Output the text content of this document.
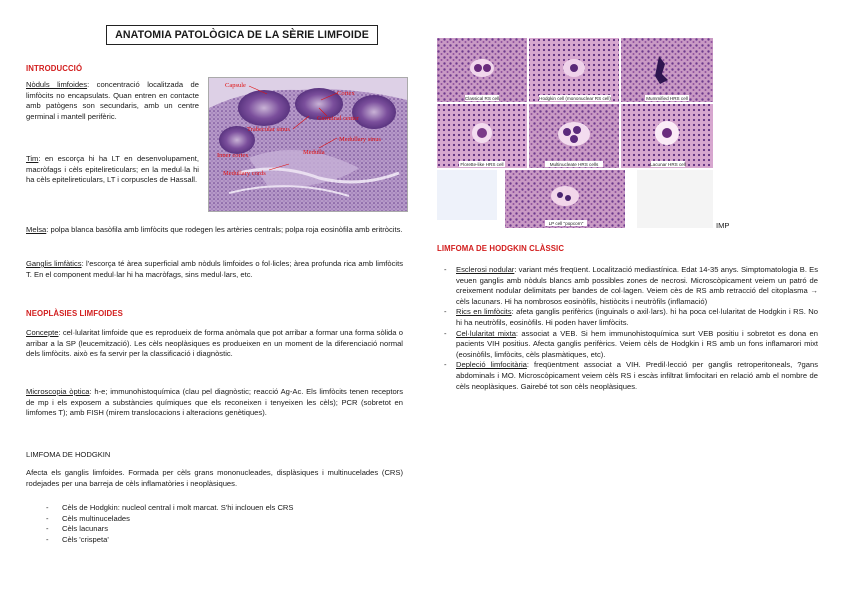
ANATOMIA PATOLÒGICA DE LA SÈRIE LIMFOIDE
INTRODUCCIÓ
Nòduls limfoides: concentració localitzada de limfòcits no encapsulats. Quan entren en contacte amb patògens son secundaris, amb un centre germinal i mantell perifèric.
Tim: en escorça hi ha LT en desenvolupament, macròfags i cèls epitelireticulars; en la medul·la hi ha cèls epitelireticulars, LT i corpuscles de Hassall.
Capsule
Cortex
Germinal center
Trabecular sinus
Medullary sinus
Inner cortex	Medulla
Medullary cords
Melsa: polpa blanca basòfila amb limfòcits que rodegen les artèries centrals; polpa roja eosinòfila amb eritròcits.
Ganglis limfàtics: l'escorça té àrea superficial amb nòduls limfoides o fol·licles; àrea profunda rica amb limfòcits T. En el component medul·lar hi ha macròfags, sins medul·lars, etc.
NEOPLÀSIES LIMFOIDES
Concepte: cel·lularitat limfoide que es reprodueix de forma anòmala que pot arribar a formar una forma sòlida o arribar a la SP (leucemització). Les cèls neoplàsiques es produeixen en un moment de la diferenciació normal dels limfòcits. això es fa servir per la classificació i diagnòstic.
Microscopia òptica: h-e; immunohistoquímica (clau pel diagnòstic; reacció Ag-Ac. Els limfòcits tenen receptors de mp i els exposem a substàncies químiques que els reconeixen i tenyeixen les cèls); PCR (sobretot en limfomes T); amb FISH (mirem translocacions i alteracions genètiques).
LIMFOMA DE HODGKIN
Afecta els ganglis limfoides. Formada per cèls grans mononucleades, displàsiques i multinucelades (CRS) rodejades per una barreja de cèls inflamatòries i neoplàsiques.
- Cèls de Hodgkin: nucleol central i molt marcat. S'hi inclouen els CRS
- Cèls multinucelades
- Cèls lacunars
- Cèls 'crispeta'
Classical RS cell	Hodgkin cell (mononuclear RS cell)	Mummified HRS cell
Florette-like HRS cell	Multinucleate HRS cells	Lacunar HRS cell
LP cell "popcorn"	IMP
LIMFOMA DE HODGKIN CLÀSSIC
- Esclerosi nodular: variant més freqüent. Localització mediastínica. Edat 14-35 anys. Simptomatologia B. Es veuen ganglis amb nòduls blancs amb possibles zones de necrosi. Microscòpicament veiem un patró de creixement nodular delimitats per bandes de col·lagen. Veiem cès de RS amb retracció del citoplasma → cèls lacunars. Hi ha nombrosos eosinòfils, histiòcits i neutròfils (inflamació)
- Rics en limfòcits: afeta ganglis perifèrics (inguinals o axil·lars). hi ha poca cel·lularitat de Hodgkin i RS. No hi ha neutròfils, eosinòfils. Hi poden haver limfòcits.
- Cel·lularitat mixta: associat a VEB. Si hem immunohistoquímica surt VEB positiu i sobretot es dona en pacients VIH positius. Afecta ganglis perifèrics. Veiem cèls de Hodgkin i RS amb un fons inflamarori mixt (eosinòfils, limfòcits, cèls plasmàtiques, etc).
- Depleció limfocitària: freqüentment associat a VIH. Predil·lecció per ganglis retroperitoneals, ?gans abdominals i MO. Microscòpicament veiem cèls RS i escàs infiltrat limfocitari en relació amb el nombre de cèls neoplàsiques. Gairebé tot son cèls neoplàsiques.
